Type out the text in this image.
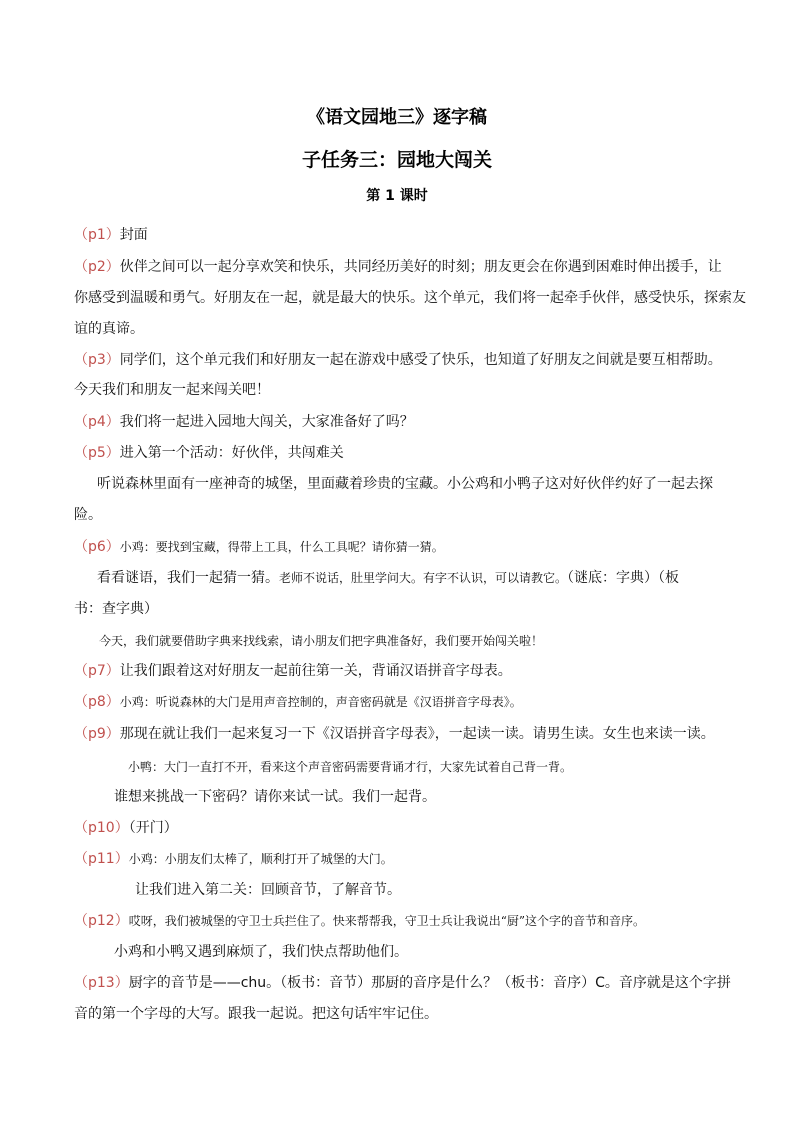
《语文园地三》逐字稿
子任务三：园地大闯关
第 1 课时
（p1）封面
（p2）伙伴之间可以一起分享欢笑和快乐，共同经历美好的时刻；朋友更会在你遇到困难时伸出援手，让
你感受到温暖和勇气。好朋友在一起，就是最大的快乐。这个单元，我们将一起牵手伙伴，感受快乐，探索友
谊的真谛。
（p3）同学们，这个单元我们和好朋友一起在游戏中感受了快乐，也知道了好朋友之间就是要互相帮助。
今天我们和朋友一起来闯关吧！
（p4）我们将一起进入园地大闯关，大家准备好了吗？
（p5）进入第一个活动：好伙伴，共闯难关
听说森林里面有一座神奇的城堡，里面藏着珍贵的宝藏。小公鸡和小鸭子这对好伙伴约好了一起去探
险。
（p6）小鸡：要找到宝藏，得带上工具，什么工具呢？请你猜一猜。
看看谜语，我们一起猜一猜。老师不说话，肚里学问大。有字不认识，可以请教它。（谜底：字典）（板
书：查字典）
今天，我们就要借助字典来找线索，请小朋友们把字典准备好，我们要开始闯关啦！
（p7）让我们跟着这对好朋友一起前往第一关，背诵汉语拼音字母表。
（p8）小鸡：听说森林的大门是用声音控制的，声音密码就是《汉语拼音字母表》。
（p9）那现在就让我们一起来复习一下《汉语拼音字母表》，一起读一读。请男生读。女生也来读一读。
小鸭：大门一直打不开，看来这个声音密码需要背诵才行，大家先试着自己背一背。
谁想来挑战一下密码？请你来试一试。我们一起背。
（p10）（开门）
（p11）小鸡：小朋友们太棒了，顺利打开了城堡的大门。
让我们进入第二关：回顾音节，了解音节。
（p12）哎呀，我们被城堡的守卫士兵拦住了。快来帮帮我，守卫士兵让我说出“厨”这个字的音节和音序。
小鸡和小鸭又遇到麻烦了，我们快点帮助他们。
（p13）厨字的音节是——chu。（板书：音节）那厨的音序是什么？（板书：音序）C。音序就是这个字拼
音的第一个字母的大写。跟我一起说。把这句话牢牢记住。
